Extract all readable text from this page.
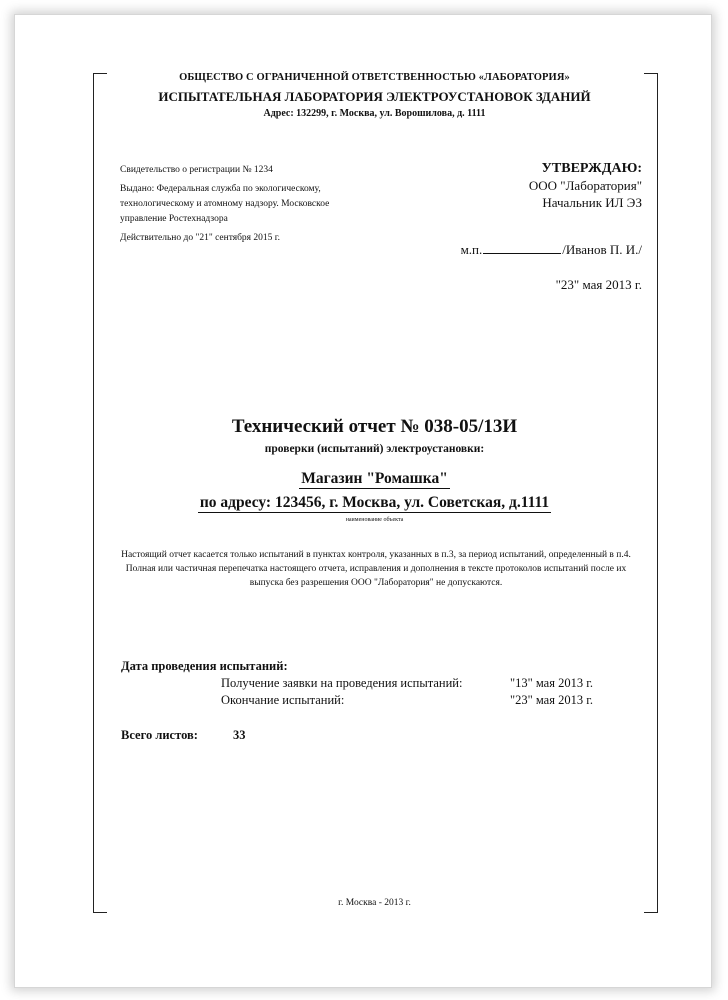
ОБЩЕСТВО С ОГРАНИЧЕННОЙ ОТВЕТСТВЕННОСТЬЮ «ЛАБОРАТОРИЯ»
ИСПЫТАТЕЛЬНАЯ ЛАБОРАТОРИЯ ЭЛЕКТРОУСТАНОВОК ЗДАНИЙ
Адрес: 132299, г. Москва, ул. Ворошилова, д. 1111
Свидетельство о регистрации № 1234
Выдано: Федеральная служба по экологическому,
технологическому и атомному надзору. Московское
управление Ростехнадзора
Действительно до "21" сентября 2015 г.
УТВЕРЖДАЮ:
ООО "Лаборатория"
Начальник ИЛ ЭЗ
м.п.	/Иванов П. И./
"23" мая 2013 г.
Технический отчет № 038-05/13И
проверки (испытаний) электроустановки:
Магазин "Ромашка"
по адресу: 123456, г. Москва, ул. Советская, д.1111
наименование объекта
Настоящий отчет касается только испытаний в пунктах контроля, указанных в п.3, за период испытаний, определенный в п.4. Полная или частичная перепечатка настоящего отчета, исправления и дополнения в тексте протоколов испытаний после их выпуска без разрешения ООО "Лаборатория" не допускаются.
Дата проведения испытаний:
Получение заявки на проведения испытаний:	"13" мая 2013 г.
Окончание испытаний:	"23" мая 2013 г.
Всего листов:	33
г. Москва - 2013 г.
